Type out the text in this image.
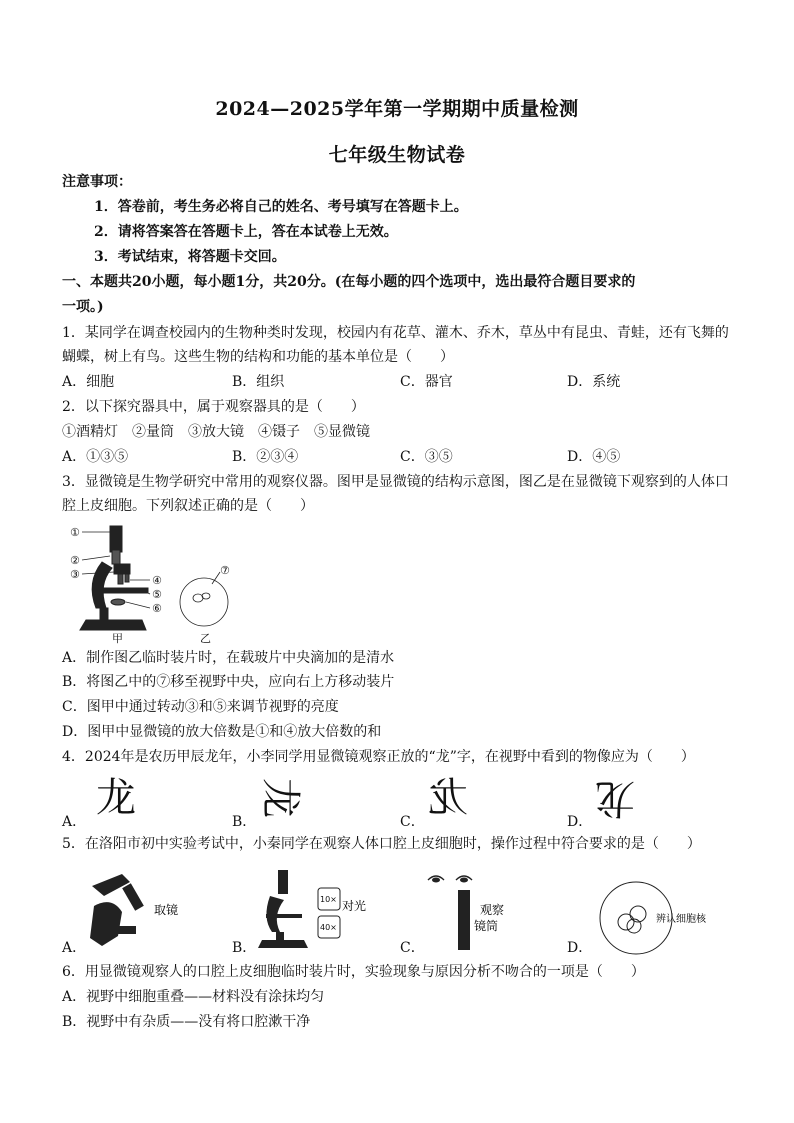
2024—2025学年第一学期期中质量检测
七年级生物试卷
注意事项：
1．答卷前，考生务必将自己的姓名、考号填写在答题卡上。
2．请将答案答在答题卡上，答在本试卷上无效。
3．考试结束，将答题卡交回。
一、本题共20小题，每小题1分，共20分。(在每小题的四个选项中，选出最符合题目要求的
一项。)
1．某同学在调查校园内的生物种类时发现，校园内有花草、灌木、乔木，草丛中有昆虫、青蛙，还有飞舞的
蝴蝶，树上有鸟。这些生物的结构和功能的基本单位是（　　）
A．细胞	B．组织	C．器官	D．系统
2．以下探究器具中，属于观察器具的是（　　）
①酒精灯　②量筒　③放大镜　④镊子　⑤显微镜
A．①③⑤	B．②③④	C．③⑤	D．④⑤
3．显微镜是生物学研究中常用的观察仪器。图甲是显微镜的结构示意图，图乙是在显微镜下观察到的人体口
腔上皮细胞。下列叙述正确的是（　　）
①
②
③	④
⑤
⑥
⑦
甲	乙
A．制作图乙临时装片时，在载玻片中央滴加的是清水
B．将图乙中的⑦移至视野中央，应向右上方移动装片
C．图甲中通过转动③和⑤来调节视野的亮度
D．图甲中显微镜的放大倍数是①和④放大倍数的和
4．2024年是农历甲辰龙年，小李同学用显微镜观察正放的“龙”字，在视野中看到的物像应为（　　）
A．
龙
B．
龙
C．
龙
D．
龙
5．在洛阳市初中实验考试中，小秦同学在观察人体口腔上皮细胞时，操作过程中符合要求的是（　　）
A．
取镜
B．
10×
40×
对光
C．
观察
镜筒
D．
辨认细胞核
6．用显微镜观察人的口腔上皮细胞临时装片时，实验现象与原因分析不吻合的一项是（　　）
A．视野中细胞重叠——材料没有涂抹均匀
B．视野中有杂质——没有将口腔漱干净
